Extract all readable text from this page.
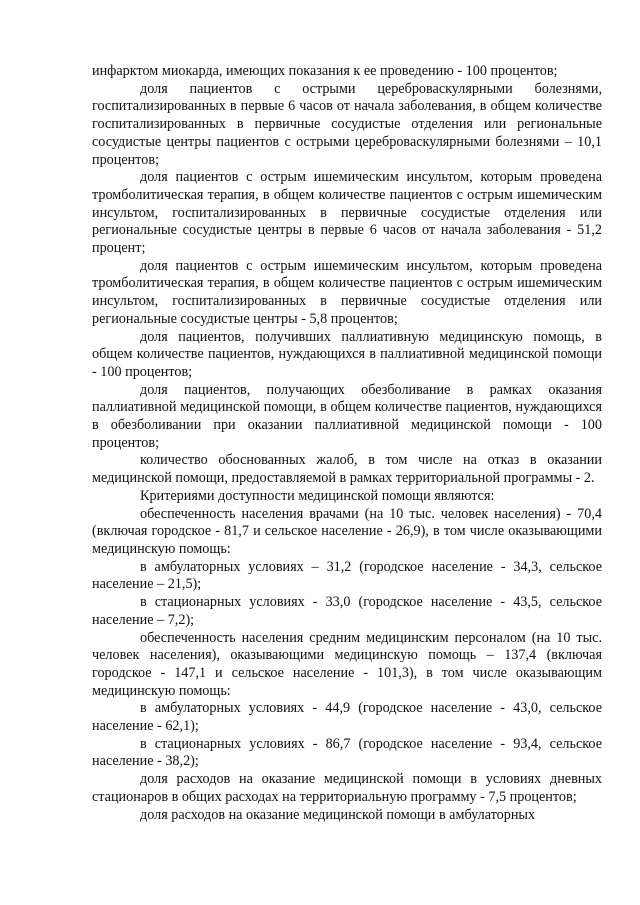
инфарктом миокарда, имеющих показания к ее проведению - 100 процентов;

доля пациентов с острыми цереброваскулярными болезнями, госпитализированных в первые 6 часов от начала заболевания, в общем количестве госпитализированных в первичные сосудистые отделения или региональные сосудистые центры пациентов с острыми цереброваскулярными болезнями – 10,1 процентов;

доля пациентов с острым ишемическим инсультом, которым проведена тромболитическая терапия, в общем количестве пациентов с острым ишемическим инсультом, госпитализированных в первичные сосудистые отделения или региональные сосудистые центры в первые 6 часов от начала заболевания - 51,2 процент;

доля пациентов с острым ишемическим инсультом, которым проведена тромболитическая терапия, в общем количестве пациентов с острым ишемическим инсультом, госпитализированных в первичные сосудистые отделения или региональные сосудистые центры - 5,8 процентов;

доля пациентов, получивших паллиативную медицинскую помощь, в общем количестве пациентов, нуждающихся в паллиативной медицинской помощи - 100 процентов;

доля пациентов, получающих обезболивание в рамках оказания паллиативной медицинской помощи, в общем количестве пациентов, нуждающихся в обезболивании при оказании паллиативной медицинской помощи - 100 процентов;

количество обоснованных жалоб, в том числе на отказ в оказании медицинской помощи, предоставляемой в рамках территориальной программы - 2.

Критериями доступности медицинской помощи являются:

обеспеченность населения врачами (на 10 тыс. человек населения) - 70,4 (включая городское - 81,7 и сельское население - 26,9), в том числе оказывающими медицинскую помощь:

в амбулаторных условиях – 31,2 (городское население - 34,3, сельское население – 21,5);

в стационарных условиях - 33,0 (городское население - 43,5, сельское население – 7,2);

обеспеченность населения средним медицинским персоналом (на 10 тыс. человек населения), оказывающими медицинскую помощь – 137,4 (включая городское - 147,1 и сельское население - 101,3), в том числе оказывающим медицинскую помощь:

в амбулаторных условиях - 44,9 (городское население - 43,0, сельское население - 62,1);

в стационарных условиях - 86,7 (городское население - 93,4, сельское население - 38,2);

доля расходов на оказание медицинской помощи в условиях дневных стационаров в общих расходах на территориальную программу - 7,5 процентов;

доля расходов на оказание медицинской помощи в амбулаторных
